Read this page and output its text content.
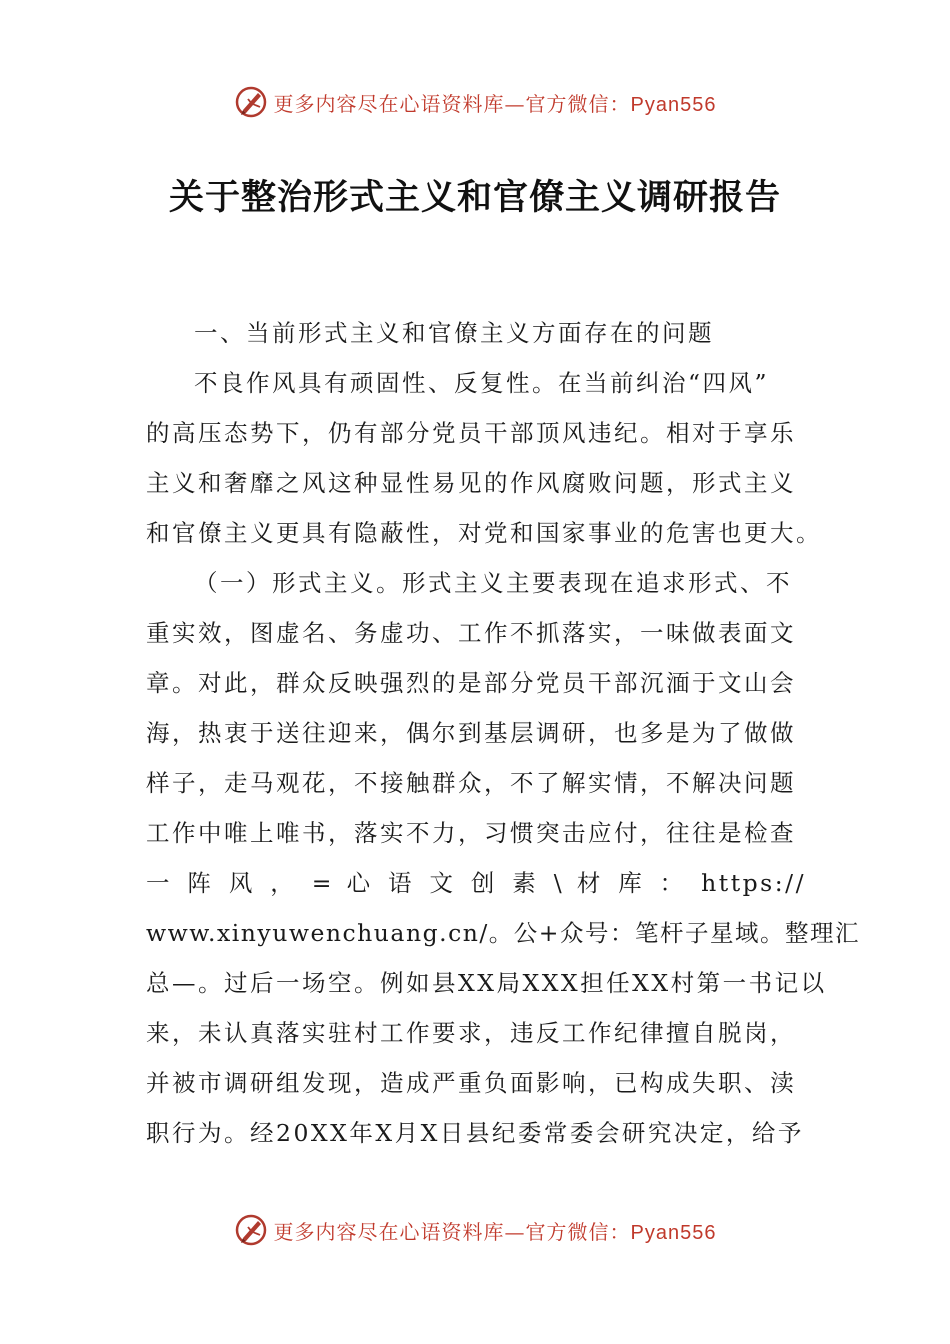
更多内容尽在心语资料库—官方微信：Pyan556
关于整治形式主义和官僚主义调研报告
一、当前形式主义和官僚主义方面存在的问题
不良作风具有顽固性、反复性。在当前纠治“四风”
的高压态势下，仍有部分党员干部顶风违纪。相对于享乐
主义和奢靡之风这种显性易见的作风腐败问题，形式主义
和官僚主义更具有隐蔽性，对党和国家事业的危害也更大。
（一）形式主义。形式主义主要表现在追求形式、不
重实效，图虚名、务虚功、工作不抓落实，一味做表面文
章。对此，群众反映强烈的是部分党员干部沉湎于文山会
海，热衷于送往迎来，偶尔到基层调研，也多是为了做做
样子，走马观花，不接触群众，不了解实情，不解决问题
工作中唯上唯书，落实不力，习惯突击应付，往往是检查
一 阵 风 ， = 心 语 文 创 素 \ 材 库 ： https://
www.xinyuwenchuang.cn/。公+众号：笔杆子星域。整理汇
总—。过后一场空。例如县XX局XXX担任XX村第一书记以
来，未认真落实驻村工作要求，违反工作纪律擅自脱岗，
并被市调研组发现，造成严重负面影响，已构成失职、渎
职行为。经20XX年X月X日县纪委常委会研究决定，给予
更多内容尽在心语资料库—官方微信：Pyan556
